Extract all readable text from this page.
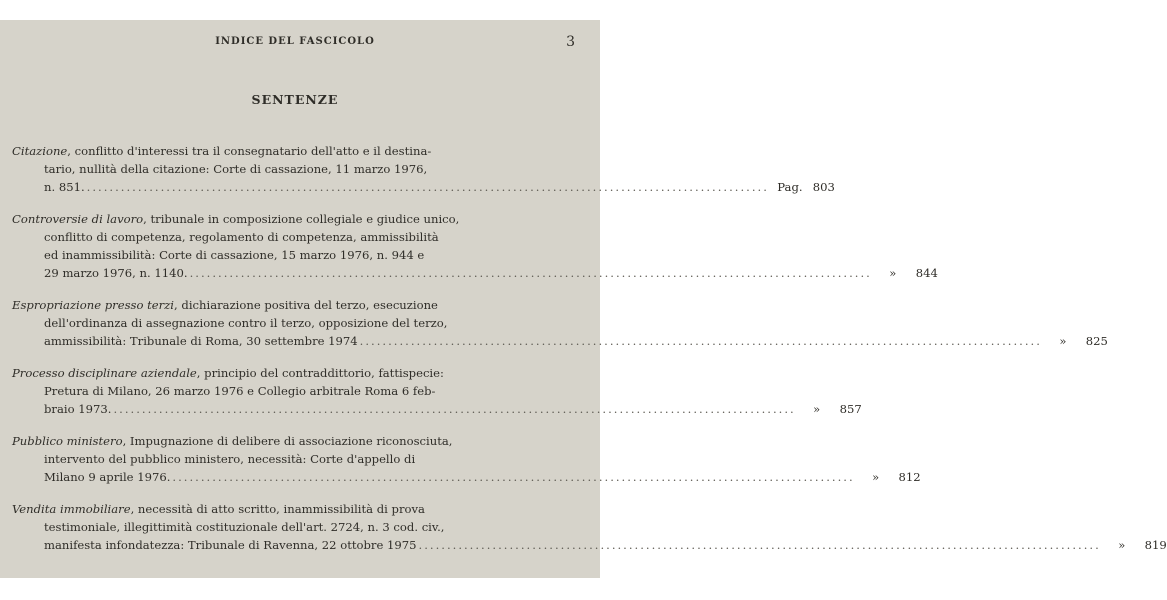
INDICE DEL FASCICOLO	3
SENTENZE
Citazione, conflitto d'interessi tra il consegnatario dell'atto e il destina-
tario, nullità della citazione: Corte di cassazione, 11 marzo 1976,
n. 851. ........................................................................................................................ Pag. 803
Controversie di lavoro, tribunale in composizione collegiale e giudice unico,
conflitto di competenza, regolamento di competenza, ammissibilità
ed inammissibilità: Corte di cassazione, 15 marzo 1976, n. 944 e
29 marzo 1976, n. 1140. ........................................................................................................................	»	844
Espropriazione presso terzi, dichiarazione positiva del terzo, esecuzione
dell'ordinanza di assegnazione contro il terzo, opposizione del terzo,
ammissibilità: Tribunale di Roma, 30 settembre 1974 ........................................................................................................................	»	825
Processo disciplinare aziendale, principio del contraddittorio, fattispecie:
Pretura di Milano, 26 marzo 1976 e Collegio arbitrale Roma 6 feb-
braio 1973. ........................................................................................................................	»	857
Pubblico ministero, Impugnazione di delibere di associazione riconosciuta,
intervento del pubblico ministero, necessità: Corte d'appello di
Milano 9 aprile 1976. ........................................................................................................................	»	812
Vendita immobiliare, necessità di atto scritto, inammissibilità di prova
testimoniale, illegittimità costituzionale dell'art. 2724, n. 3 cod. civ.,
manifesta infondatezza: Tribunale di Ravenna, 22 ottobre 1975 ........................................................................................................................	»	819
